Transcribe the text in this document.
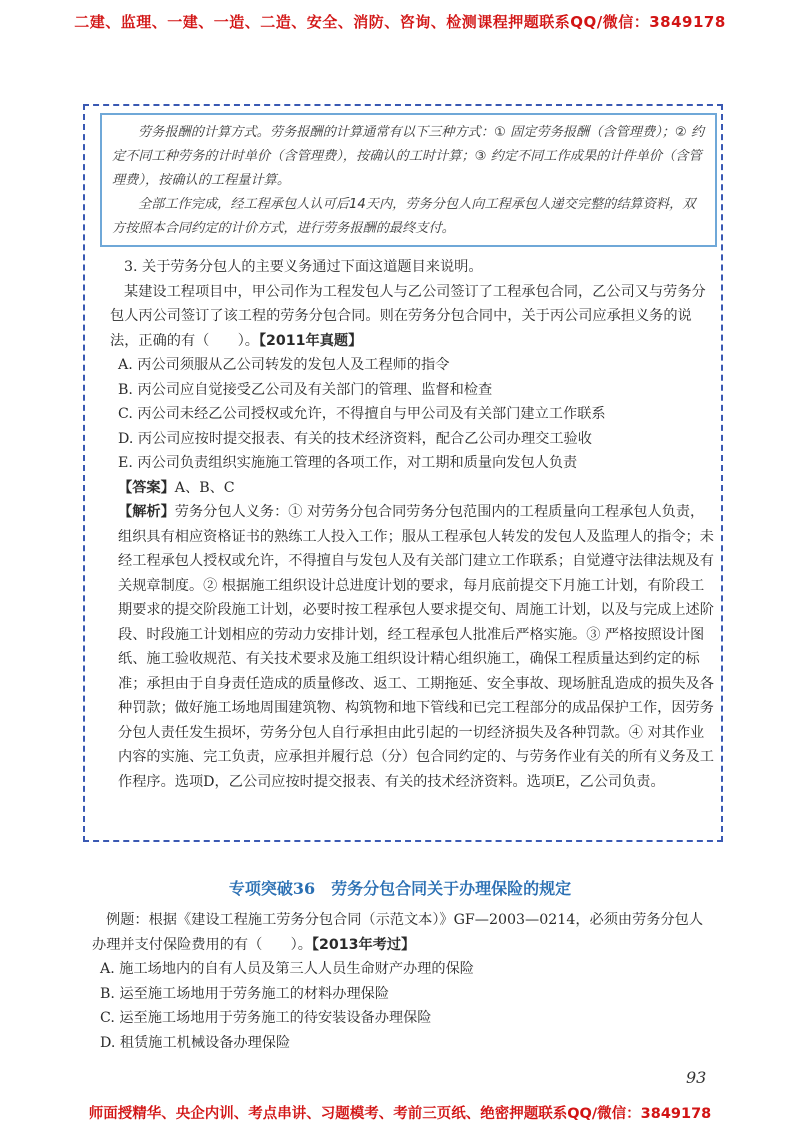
二建、监理、一建、一造、二造、安全、消防、咨询、检测课程押题联系QQ/微信：3849178

劳务报酬的计算方式。劳务报酬的计算通常有以下三种方式：① 固定劳务报酬（含管理费）；② 约定不同工种劳务的计时单价（含管理费），按确认的工时计算；③ 约定不同工作成果的计件单价（含管理费），按确认的工程量计算。

全部工作完成，经工程承包人认可后14天内，劳务分包人向工程承包人递交完整的结算资料，双方按照本合同约定的计价方式，进行劳务报酬的最终支付。

3. 关于劳务分包人的主要义务通过下面这道题目来说明。

某建设工程项目中，甲公司作为工程发包人与乙公司签订了工程承包合同，乙公司又与劳务分包人丙公司签订了该工程的劳务分包合同。则在劳务分包合同中，关于丙公司应承担义务的说法，正确的有（　　）。【2011年真题】

A. 丙公司须服从乙公司转发的发包人及工程师的指令

B. 丙公司应自觉接受乙公司及有关部门的管理、监督和检查

C. 丙公司未经乙公司授权或允许，不得擅自与甲公司及有关部门建立工作联系

D. 丙公司应按时提交报表、有关的技术经济资料，配合乙公司办理交工验收

E. 丙公司负责组织实施施工管理的各项工作，对工期和质量向发包人负责

【答案】A、B、C

【解析】劳务分包人义务：① 对劳务分包合同劳务分包范围内的工程质量向工程承包人负责，组织具有相应资格证书的熟练工人投入工作；服从工程承包人转发的发包人及监理人的指令；未经工程承包人授权或允许，不得擅自与发包人及有关部门建立工作联系；自觉遵守法律法规及有关规章制度。② 根据施工组织设计总进度计划的要求，每月底前提交下月施工计划，有阶段工期要求的提交阶段施工计划，必要时按工程承包人要求提交旬、周施工计划，以及与完成上述阶段、时段施工计划相应的劳动力安排计划，经工程承包人批准后严格实施。③ 严格按照设计图纸、施工验收规范、有关技术要求及施工组织设计精心组织施工，确保工程质量达到约定的标准；承担由于自身责任造成的质量修改、返工、工期拖延、安全事故、现场脏乱造成的损失及各种罚款；做好施工场地周围建筑物、构筑物和地下管线和已完工程部分的成品保护工作，因劳务分包人责任发生损坏，劳务分包人自行承担由此引起的一切经济损失及各种罚款。④ 对其作业内容的实施、完工负责，应承担并履行总（分）包合同约定的、与劳务作业有关的所有义务及工作程序。选项D，乙公司应按时提交报表、有关的技术经济资料。选项E，乙公司负责。

专项突破36　劳务分包合同关于办理保险的规定

例题：根据《建设工程施工劳务分包合同（示范文本）》GF—2003—0214，必须由劳务分包人办理并支付保险费用的有（　　）。【2013年考过】

A. 施工场地内的自有人员及第三人人员生命财产办理的保险

B. 运至施工场地用于劳务施工的材料办理保险

C. 运至施工场地用于劳务施工的待安装设备办理保险

D. 租赁施工机械设备办理保险

93
师面授精华、央企内训、考点串讲、习题模考、考前三页纸、绝密押题联系QQ/微信：3849178
